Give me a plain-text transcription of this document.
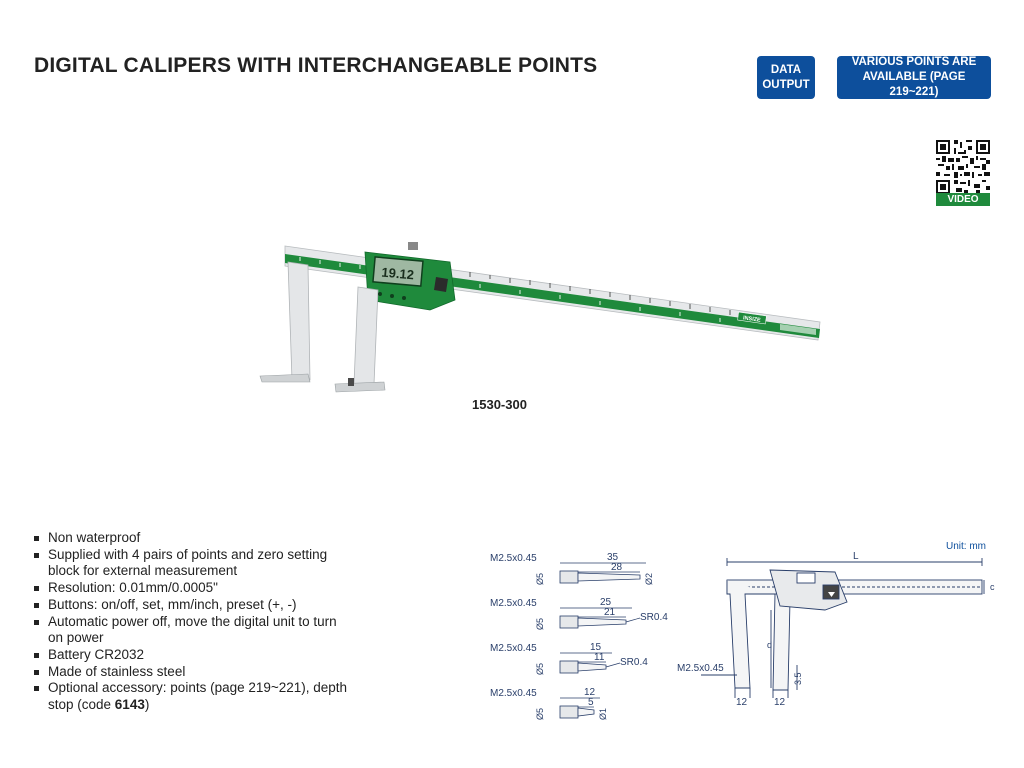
DIGITAL CALIPERS WITH INTERCHANGEABLE POINTS	DATA
OUTPUT
VARIOUS POINTS ARE
AVAILABLE (PAGE 219~221)
VIDEO
INSIZE
19.12
1530-300
Non waterproof
Supplied with 4 pairs of points and zero setting block for external measurement
Resolution: 0.01mm/0.0005"
Buttons: on/off, set, mm/inch, preset (+, -)
Automatic power off, move the digital unit to turn on power
Battery CR2032
Made of stainless steel
Optional accessory: points (page 219~221), depth stop (code 6143)
M2.5x0.45
Ø5
35
28
Ø2
M2.5x0.45
Ø5
25
21 SR0.4
M2.5x0.45
Ø5
15
11 SR0.4
M2.5x0.45
Ø5
12
5
Ø1
Unit: mm
L
c
d
M2.5x0.45
3.5
12	12
